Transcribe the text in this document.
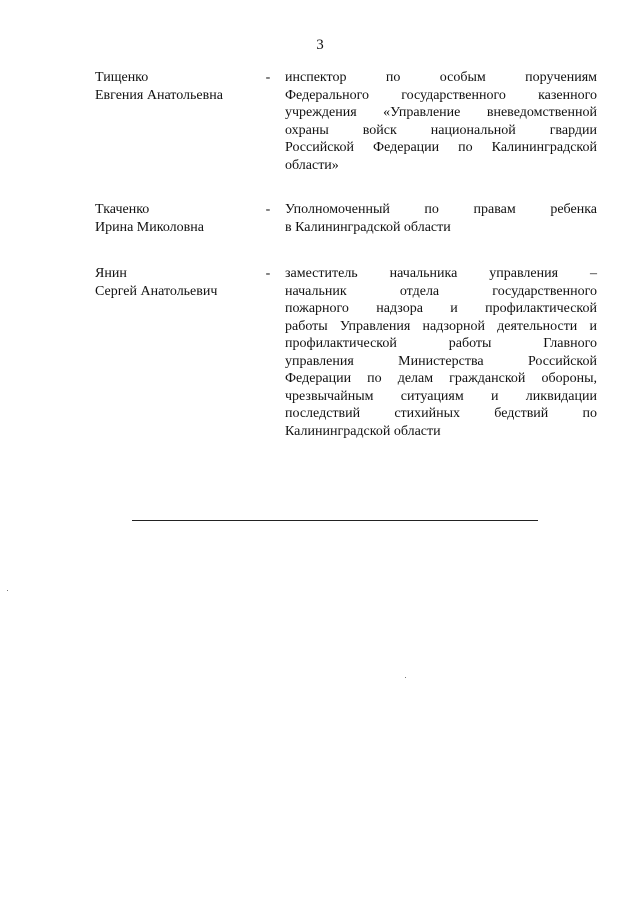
3
Тищенко
Евгения Анатольевна
- инспектор по особым поручениям
Федерального государственного казенного
учреждения «Управление вневедомственной
охраны войск национальной гвардии
Российской Федерации по Калининградской
области»
Ткаченко
Ирина Миколовна
- Уполномоченный по правам ребенка
в Калининградской области
Янин
Сергей Анатольевич
- заместитель начальника управления –
начальник отдела государственного
пожарного надзора и профилактической
работы Управления надзорной деятельности и
профилактической работы Главного
управления Министерства Российской
Федерации по делам гражданской обороны,
чрезвычайным ситуациям и ликвидации
последствий стихийных бедствий по
Калининградской области
